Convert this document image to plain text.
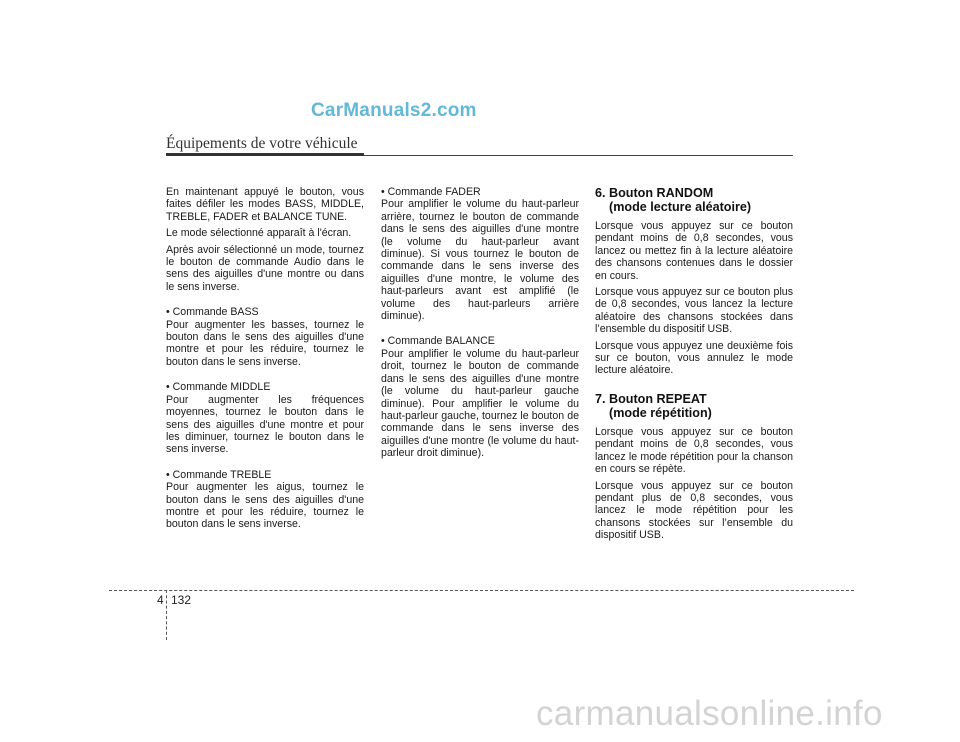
CarManuals2.com
Équipements de votre véhicule

En maintenant appuyé le bouton, vous faites défiler les modes BASS, MIDDLE, TREBLE, FADER et BALANCE TUNE.

Le mode sélectionné apparaît à l'écran.

Après avoir sélectionné un mode, tournez le bouton de commande Audio dans le sens des aiguilles d'une montre ou dans le sens inverse.

• Commande BASS

Pour augmenter les basses, tournez le bouton dans le sens des aiguilles d'une montre et pour les réduire, tournez le bouton dans le sens inverse.

• Commande MIDDLE

Pour augmenter les fréquences moyennes, tournez le bouton dans le sens des aiguilles d'une montre et pour les diminuer, tournez le bouton dans le sens inverse.

• Commande TREBLE

Pour augmenter les aigus, tournez le bouton dans le sens des aiguilles d'une montre et pour les réduire, tournez le bouton dans le sens inverse.

• Commande FADER

Pour amplifier le volume du haut-parleur arrière, tournez le bouton de commande dans le sens des aiguilles d'une montre (le volume du haut-parleur avant diminue). Si vous tournez le bouton de commande dans le sens inverse des aiguilles d'une montre, le volume des haut-parleurs avant est amplifié (le volume des haut-parleurs arrière diminue).

• Commande BALANCE

Pour amplifier le volume du haut-parleur droit, tournez le bouton de commande dans le sens des aiguilles d'une montre (le volume du haut-parleur gauche diminue). Pour amplifier le volume du haut-parleur gauche, tournez le bouton de commande dans le sens inverse des aiguilles d'une montre (le volume du haut-parleur droit diminue).

6. Bouton RANDOM
(mode lecture aléatoire)

Lorsque vous appuyez sur ce bouton pendant moins de 0,8 secondes, vous lancez ou mettez fin à la lecture aléatoire des chansons contenues dans le dossier en cours.

Lorsque vous appuyez sur ce bouton plus de 0,8 secondes, vous lancez la lecture aléatoire des chansons stockées dans l’ensemble du dispositif USB.

Lorsque vous appuyez une deuxième fois sur ce bouton, vous annulez le mode lecture aléatoire.

7. Bouton REPEAT
(mode répétition)

Lorsque vous appuyez sur ce bouton pendant moins de 0,8 secondes, vous lancez le mode répétition pour la chanson en cours se répète.

Lorsque vous appuyez sur ce bouton pendant plus de 0,8 secondes, vous lancez le mode répétition pour les chansons stockées sur l’ensemble du dispositif USB.

4 132
carmanualsonline.info
